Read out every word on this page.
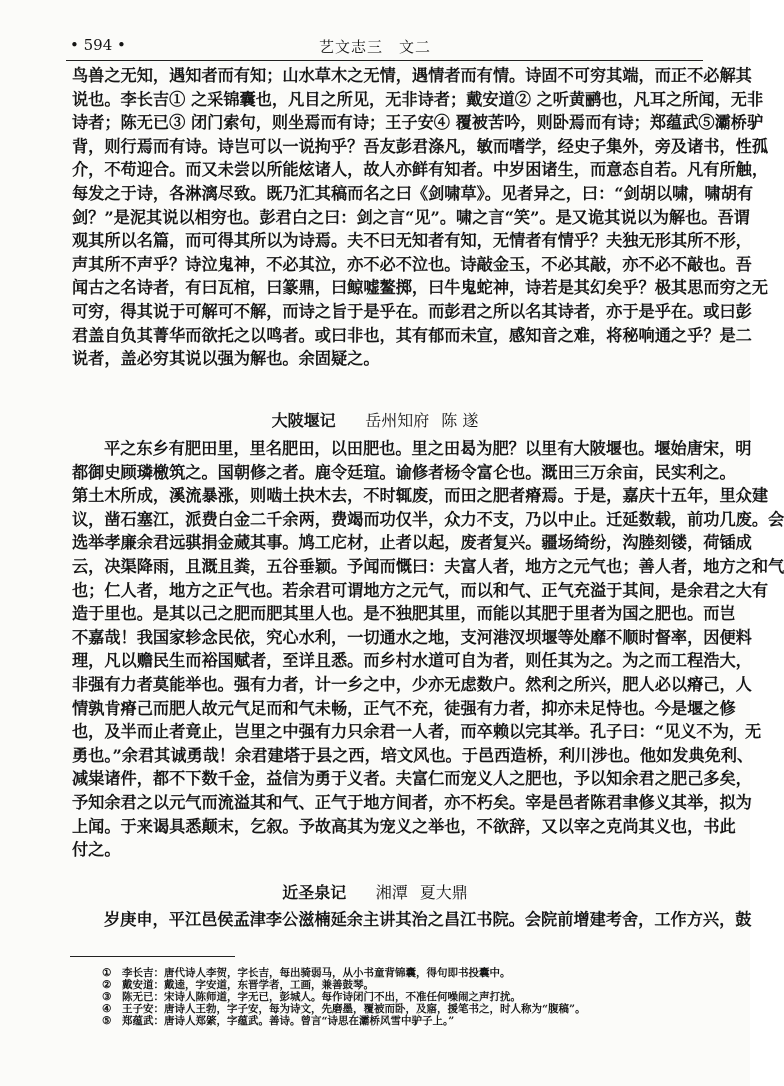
• 594 •	艺文志三　文二
鸟兽之无知，遇知者而有知；山水草木之无情，遇情者而有情。诗固不可穷其端，而正不必解其
说也。李长吉① 之采锦囊也，凡目之所见，无非诗者；戴安道② 之听黄鹂也，凡耳之所闻，无非
诗者；陈无已③ 闭门索句，则坐焉而有诗；王子安④ 覆被苦吟，则卧焉而有诗；郑蕴武⑤灞桥驴
背，则行焉而有诗。诗岂可以一说拘乎？吾友彭君涤凡，敏而嗜学，经史子集外，旁及诸书，性孤
介，不苟迎合。而又未尝以所能炫诸人，故人亦鲜有知者。中岁困诸生，而意态自若。凡有所触，
每发之于诗，各淋漓尽致。既乃汇其稿而名之曰《剑啸草》。见者异之，曰：“剑胡以啸，啸胡有
剑？”是泥其说以相穷也。彭君白之曰：剑之言“见”。啸之言“笑”。是又诡其说以为解也。吾谓
观其所以名篇，而可得其所以为诗焉。夫不曰无知者有知，无情者有情乎？夫独无形其所不形，
声其所不声乎？诗泣鬼神，不必其泣，亦不必不泣也。诗敲金玉，不必其敲，亦不必不敲也。吾
闻古之名诗者，有曰瓦棺，曰篆鼎，曰鲸嘘鳌掷，曰牛鬼蛇神，诗若是其幻矣乎？极其思而穷之无
可穷，得其说于可解可不解，而诗之旨于是乎在。而彭君之所以名其诗者，亦于是乎在。或曰彭
君盖自负其菁华而欲托之以鸣者。或曰非也，其有郁而未宣，感知音之难，将秘响通之乎？是二
说者，盖必穷其说以强为解也。余固疑之。
大陂堰记 岳州知府 陈 遂
平之东乡有肥田里，里名肥田，以田肥也。里之田曷为肥？以里有大陂堰也。堰始唐宋，明
都御史顾璘檄筑之。国朝修之者。鹿令廷瑄。谕修者杨令富仑也。溉田三万余亩，民实利之。
第土木所成，溪流暴涨，则啮土抉木去，不时辄废，而田之肥者瘠焉。于是，嘉庆十五年，里众建
议，凿石塞江，派费白金二千余两，费竭而功仅半，众力不支，乃以中止。迁延数载，前功几废。会
选举孝廉余君远骐捐金蒇其事。鸠工庀材，止者以起，废者复兴。疆场绮纷，沟塍刻镂，荷锸成
云，决渠降雨，且溉且粪，五谷垂颖。予闻而慨曰：夫富人者，地方之元气也；善人者，地方之和气
也；仁人者，地方之正气也。若余君可谓地方之元气，而以和气、正气充溢于其间，是余君之大有
造于里也。是其以己之肥而肥其里人也。是不独肥其里，而能以其肥于里者为国之肥也。而岂
不嘉哉！我国家轸念民依，究心水利，一切通水之地，支河港汊坝堰等处靡不顺时督率，因便料
理，凡以赡民生而裕国赋者，至详且悉。而乡村水道可自为者，则任其为之。为之而工程浩大，
非强有力者莫能举也。强有力者，计一乡之中，少亦无虑数户。然利之所兴，肥人必以瘠己，人
情孰肯瘠己而肥人故元气足而和气未畅，正气不充，徒强有力者，抑亦未足恃也。今是堰之修
也，及半而止者竟止，岂里之中强有力只余君一人者，而卒赖以完其举。孔子曰：“见义不为，无
勇也。”余君其诚勇哉！余君建塔于县之西，培文风也。于邑西造桥，利川涉也。他如发典免利、
减粜诸件，都不下数千金，益信为勇于义者。夫富仁而宠义人之肥也，予以知余君之肥己多矣，
予知余君之以元气而流溢其和气、正气于地方间者，亦不朽矣。宰是邑者陈君聿修义其举，拟为
上闻。于来谒具悉颠末，乞叙。予故高其为宠义之举也，不欲辞，又以宰之克尚其义也，书此
付之。
近圣泉记 湘潭 夏大鼎
岁庚申，平江邑侯孟津李公滋楠延余主讲其治之昌江书院。会院前增建考舍，工作方兴，鼓
① 李长吉：唐代诗人李贺，字长吉，每出骑弱马，从小书童背锦囊，得句即书投囊中。
② 戴安道：戴逵，字安道，东晋学者，工画，兼善鼓琴。
③ 陈无已：宋诗人陈师道，字无已，彭城人。每作诗闭门不出，不准任何噪闹之声打扰。
④ 王子安：唐诗人王勃，字子安，每为诗文，先磨墨，覆被而卧，及寤，援笔书之，时人称为“腹稿”。
⑤ 郑蕴武：唐诗人郑綮，字蕴武。善诗。曾言“诗思在灞桥风雪中驴子上。”
